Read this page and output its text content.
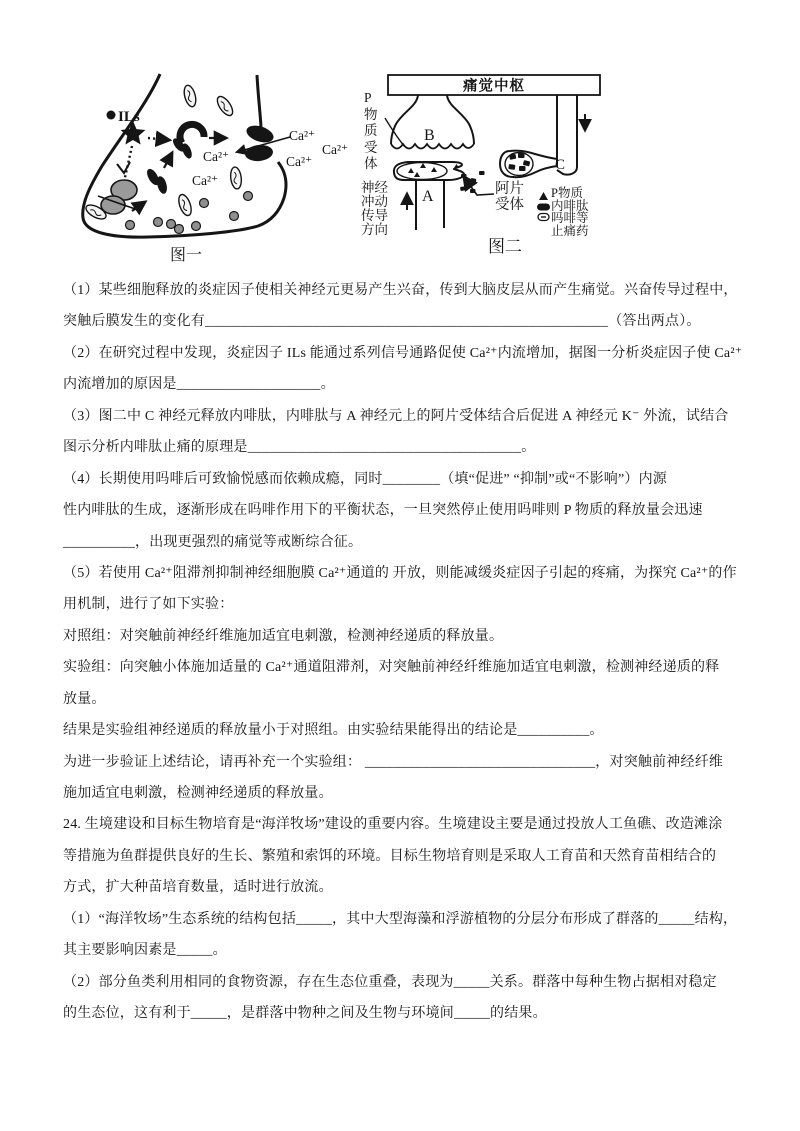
Ca²⁺
Ca²⁺
Ca²⁺
Ca²⁺
Ca²⁺
ILs
图一
痛觉中枢
B
A
C
图二
P物质受体
神经冲动传导方向
阿片受体
P物质
内啡肽
吗啡等止痛药
（1）某些细胞释放的炎症因子使相关神经元更易产生兴奋，传到大脑皮层从而产生痛觉。兴奋传导过程中，
突触后膜发生的变化有________________________________________________________（答出两点）。
（2）在研究过程中发现，炎症因子 ILs 能通过系列信号通路促使 Ca²⁺内流增加，据图一分析炎症因子使 Ca²⁺
内流增加的原因是____________________。
（3）图二中 C 神经元释放内啡肽，内啡肽与 A 神经元上的阿片受体结合后促进 A 神经元 K⁻ 外流，试结合
图示分析内啡肽止痛的原理是______________________________________。
（4）长期使用吗啡后可致愉悦感而依赖成瘾，同时________（填“促进” “抑制”或“不影响”）内源
性内啡肽的生成，逐渐形成在吗啡作用下的平衡状态，一旦突然停止使用吗啡则 P 物质的释放量会迅速
__________，出现更强烈的痛觉等戒断综合征。
（5）若使用 Ca²⁺阻滞剂抑制神经细胞膜 Ca²⁺通道的 开放，则能减缓炎症因子引起的疼痛，为探究 Ca²⁺的作
用机制，进行了如下实验：
对照组：对突触前神经纤维施加适宜电刺激，检测神经递质的释放量。
实验组：向突触小体施加适量的 Ca²⁺通道阻滞剂，对突触前神经纤维施加适宜电刺激，检测神经递质的释
放量。
结果是实验组神经递质的释放量小于对照组。由实验结果能得出的结论是__________。
为进一步验证上述结论，请再补充一个实验组： ________________________________，对突触前神经纤维
施加适宜电刺激，检测神经递质的释放量。
24. 生境建设和目标生物培育是“海洋牧场”建设的重要内容。生境建设主要是通过投放人工鱼礁、改造滩涂
等措施为鱼群提供良好的生长、繁殖和索饵的环境。目标生物培育则是采取人工育苗和天然育苗相结合的
方式，扩大种苗培育数量，适时进行放流。
（1）“海洋牧场”生态系统的结构包括_____，其中大型海藻和浮游植物的分层分布形成了群落的_____结构，
其主要影响因素是_____。
（2）部分鱼类利用相同的食物资源，存在生态位重叠，表现为_____关系。群落中每种生物占据相对稳定
的生态位，这有利于_____，是群落中物种之间及生物与环境间_____的结果。
